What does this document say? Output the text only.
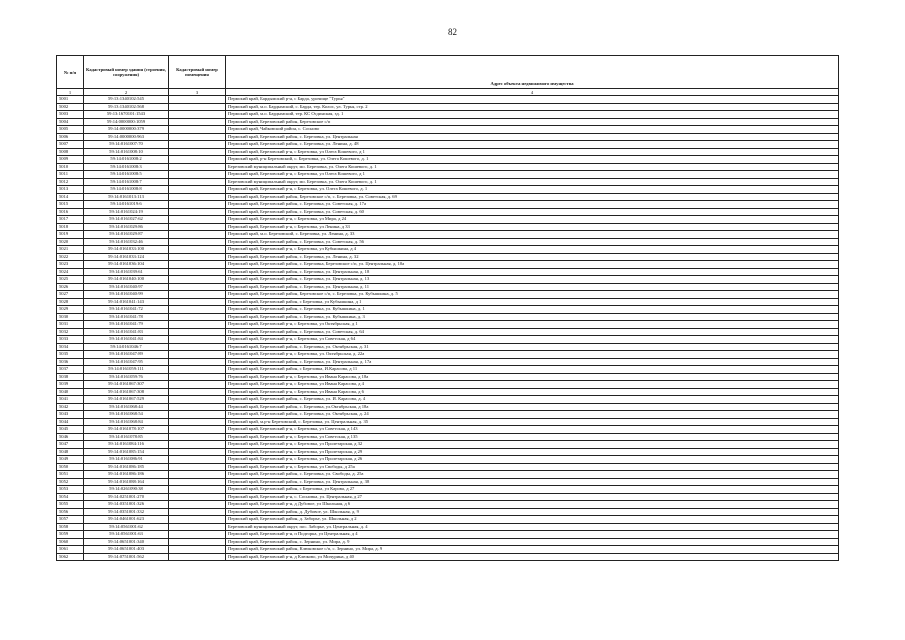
82
№ п/п	Кадастровый номер здания (строения, сооружения)	Кадастровый номер помещения	Адрес объекта недвижимого имущества
1	2	3	4
5001	59:13:1340102:545		Пермский край, Бардымский р-н, с Барда, урочище "Турья"
5002	59:13:1340102:568		Пермский край, м.о. Бардымский, с. Барда, тер. Колос, ул. Турья, стр. 2
5003	59:13:1670101:1543		Пермский край, м.о. Бардымский, тер. КС Осдинская, зд. 1
5004	59:14:0000000:1059		Пермский край, Березовский район, Березовское с/п
5005	59:14:0000000:379		Пермский край, Чайковский район, с. Сосново
5006	59:14:0000000:963		Пермский край, Березовский район, с. Березовка, ул. Центральная
5007	59:14:0161007:70		Пермский край, Березовский район, с. Березовка, ул. Ленина, д. 48
5008	59:14:0161008:10		Пермский край, Березовский р-н, с Березовка, ул Олега Кошевого, д 1
5009	59:14:0161008:2		Пермский край, р-н Березовский, с. Березовка, ул. Олега Кошевого, д. 1
5010	59:14:0161008:3		Березовский муниципальный округ, мо. Березовка, ул. Олега Кошевого, д. 1
5011	59:14:0161008:5		Пермский край, Березовский р-н, с Березовка, ул Олега Кошевого, д 1
5012	59:14:0161008:7		Березовский муниципальный округ, мо. Березовка, ул. Олега Кошевого, д. 1
5013	59:14:0161008:8		Пермский край, Березовский р-н, с Березовка, ул. Олега Кошевого, д. 1
5014	59:14:0161013:113		Пермский край, Березовский район, Березовское с/п, с. Березовка, ул. Советская, д. 69
5015	59:14:0161019:6		Пермский край, Березовский район, с. Березовка, ул. Советская, д. 17а
5016	59:14:0161024:19		Пермский край, Березовский район, с. Березовка, ул. Советская, д. 60
5017	59:14:0161027:62		Пермский край, Березовский р-н, с Березовка, ул Мира, д 24
5018	59:14:0161029:86		Пермский край, Березовский р-н, с Березовка, ул Ленина, д 33
5019	59:14:0161029:87		Пермский край, м.о. Березовский, с. Березовка, ул. Ленина, д. 33
5020	59:14:0161032:46		Пермский край, Березовский район, с. Березовка, ул. Советская, д. 56
5021	59:14:0161033:100		Пермский край, Березовский р-н, с Березовка, ул Кубышкина, д 4
5022	59:14:0161033:124		Пермский край, Березовский район, с. Березовка, ул. Ленина, д. 32
5023	59:14:0161036:104		Пермский край, Березовский район, с. Березовка, Березовское с/п, ул. Центральная, д. 10а
5024	59:14:0161039:61		Пермский край, Березовский район, с. Березовка, ул. Центральная, д. 18
5025	59:14:0161040:100		Пермский край, Березовский район, с. Березовка, ул. Центральная, д. 13
5026	59:14:0161040:97		Пермский край, Березовский район, с. Березовка, ул. Центральная, д. 11
5027	59:14:0161040:99		Пермский край, Березовский район, Березовское с/п, с. Березовка, ул. Кубышкина, д. 5
5028	59:14:0161041:143		Пермский край, Березовский район, с Березовка, ул Кубышкина, д 1
5029	59:14:0161041:72		Пермский край, Березовский район, с. Березовка, ул. Кубышкина, д. 1
5030	59:14:0161041:78		Пермский край, Березовский район, с. Березовка, ул. Кубышкина, д. 3
5031	59:14:0161041:79		Пермский край, Березовский р-н, с Березовка, ул Октябрьская, д 1
5032	59:14:0161041:83		Пермский край, Березовский район, с. Березовка, ул. Советская, д. 64
5033	59:14:0161041:84		Пермский край, Березовский р-н, с Березовка, ул Советская, д 64
5034	59:14:0161046:7		Пермский край, Березовский район, с. Березовка, ул. Октябрьская, д. 31
5035	59:14:0161047:89		Пермский край, Березовский р-н, с Березовка, ул. Октябрьская, д. 22а
5036	59:14:0161047:95		Пермский край, Березовский район, с. Березовка, ул. Центральная, д. 17а
5037	59:14:0161059:111		Пермский край, Березовский район, с Березовка, И.Карасова, д 11
5038	59:14:0161059:76		Пермский край, Березовский р-н, с Березовка, ул Ивана Карасова, д 18а
5039	59:14:0161067:307		Пермский край, Березовский р-н, с Березовка, ул Ивана Карасова, д 4
5040	59:14:0161067:308		Пермский край, Березовский р-н, с Березовка, ул Ивана Карасова, д 6
5041	59:14:0161067:529		Пермский край, Березовский район, с. Березовка, ул. И. Карасова, д. 4
5042	59:14:0161068:44		Пермский край, Березовский район, с. Березовка, ул.Октябрьская, д 18а
5043	59:14:0161068:54		Пермский край, Березовский район, с. Березовка, ул. Октябрьская, д. 24
5044	59:14:0161068:84		Пермский край, м.р-н Березовский, с. Березовка, ул. Центральная, д. 35
5045	59:14:0161078:107		Пермский край, Березовский р-н, с Березовка, ул Советская, д 143
5046	59:14:0161078:85		Пермский край, Березовский р-н, с Березовка, ул Советская, д 135
5047	59:14:0161084:116		Пермский край, Березовский р-н, с Березовка, ул Пролетарская, д 32
5048	59:14:0161085:154		Пермский край, Березовский р-н, с Березовка, ул Пролетарская, д 29
5049	59:14:0161086:91		Пермский край, Березовский р-н, с Березовка, ул Пролетарская, д 26
5050	59:14:0161086:185		Пермский край, Березовский р-н, с Березовка, ул Свободы, д 25а
5051	59:14:0161086:186		Пермский край, Березовский район, с. Березовка, ул. Свободы, д. 25а
5052	59:14:0161088:164		Пермский край, Березовский район, с. Березовка, ул. Центральная, д. 38
5053	59:14:0261090:38		Пермский край, Березовский район, с Березовка, ул Карова, д 27
5054	59:14:0251001:270		Пермский край, Березовский р-н, с. Сосновка, ул. Центральная, д 27
5055	59:14:0351001:326		Пермский край, Березовский р-н, д Дубовое, ул Школьная, д 6
5056	59:14:0351001:332		Пермский край, Березовский район, д. Дубовое, ул. Школьная, д. 9
5057	59:14:0461001:623		Пермский край, Березовский район, д. Заборье, ул. Школьная, д 2
5058	59:14:0561001:62		Березовский муниципальный округ, пос. Заборье, ул. Центральная, д. 4
5059	59:14:0561001:63		Пермский край, Березовский р-н, п Подгорка, ул Центральная, д 4
5060	59:14:0651001:340		Пермский край, Березовский район, с. Зернино, ул. Мира, д. 9
5061	59:14:0651001:403		Пермский край, Березовский район, Клюковское с/п, с. Зернино, ул. Мира, д. 9
5062	59:14:0751001:562		Пермский край, Березовский р-н, д Клюково, ул Мичурина, д 40
